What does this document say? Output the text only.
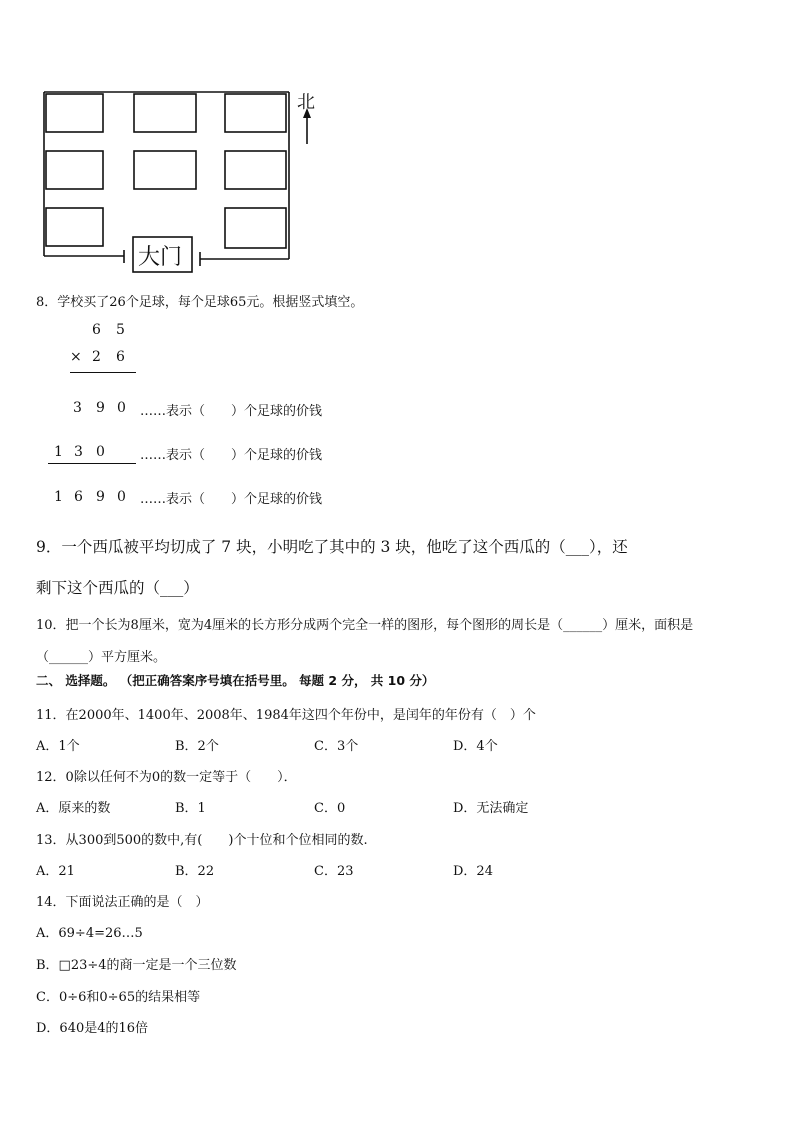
大门
北
8．学校买了26个足球，每个足球65元。根据竖式填空。
6 5
× 2 6
3 9 0 ……表示（　　）个足球的价钱
1 3 0	……表示（　　）个足球的价钱
1 6 9 0 ……表示（　　）个足球的价钱
9．一个西瓜被平均切成了 7 块，小明吃了其中的 3 块，他吃了这个西瓜的（___），还
剩下这个西瓜的（___）
10．把一个长为8厘米，宽为4厘米的长方形分成两个完全一样的图形，每个图形的周长是（______）厘米，面积是
（______）平方厘米。
二、 选择题。 （把正确答案序号填在括号里。 每题 2 分， 共 10 分）
11．在2000年、1400年、2008年、1984年这四个年份中，是闰年的年份有（　）个
A．1个	B．2个	C．3个	D．4个
12．0除以任何不为0的数一定等于（　　）．
A．原来的数	B．1	C．0	D．无法确定
13．从300到500的数中,有(　　)个十位和个位相同的数.
A．21	B．22	C．23	D．24
14．下面说法正确的是（　）
A．69÷4=26…5
B．□23÷4的商一定是一个三位数
C．0÷6和0÷65的结果相等
D．640是4的16倍
